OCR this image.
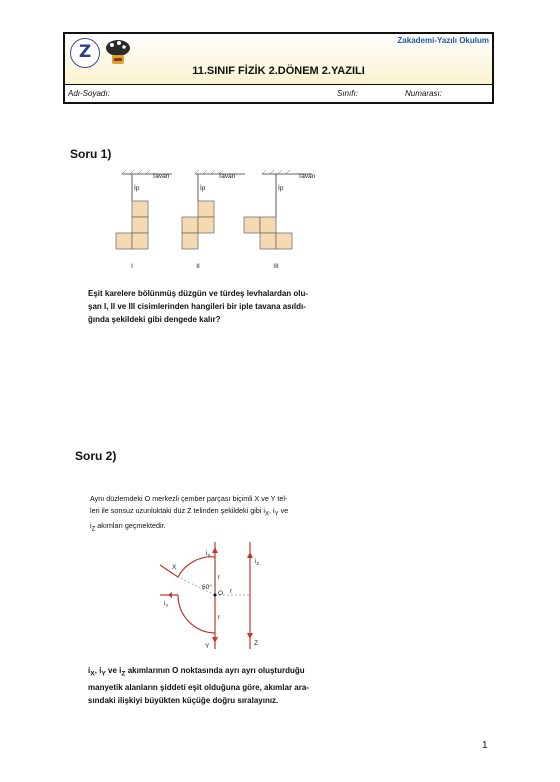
Z
Zakademi-Yazılı Okulum
11.SINIF FİZİK 2.DÖNEM 2.YAZILI
Adı-Soyadı:	Sınıfı:	Numarası:
Soru 1)
Tavan	Tavan	Tavan
İp	İp	İp
I	II	III
Eşit karelere bölünmüş düzgün ve türdeş levhalardan olu-
şan I, II ve III cisimlerinden hangileri bir iple tavana asıldı-
ğında şekildeki gibi dengede kalır?
Soru 2)
Aynı düzlemdeki O merkezli çember parçası biçimli X ve Y tel-
leri ile sonsuz uzunluktaki düz Z telinden şekildeki gibi $i_X$, $i_Y$ ve
$i_Z$ akımları geçmektedir.
X
Y	Z
O
60°
r
r
r
$i_X$
$i_Z$
$i_Y$
$i_X$, $i_Y$ ve $i_Z$ akımlarının O noktasında ayrı ayrı oluşturduğu
manyetik alanların şiddeti eşit olduğuna göre, akımlar ara-
sındaki ilişkiyi büyükten küçüğe doğru sıralayınız.
1
